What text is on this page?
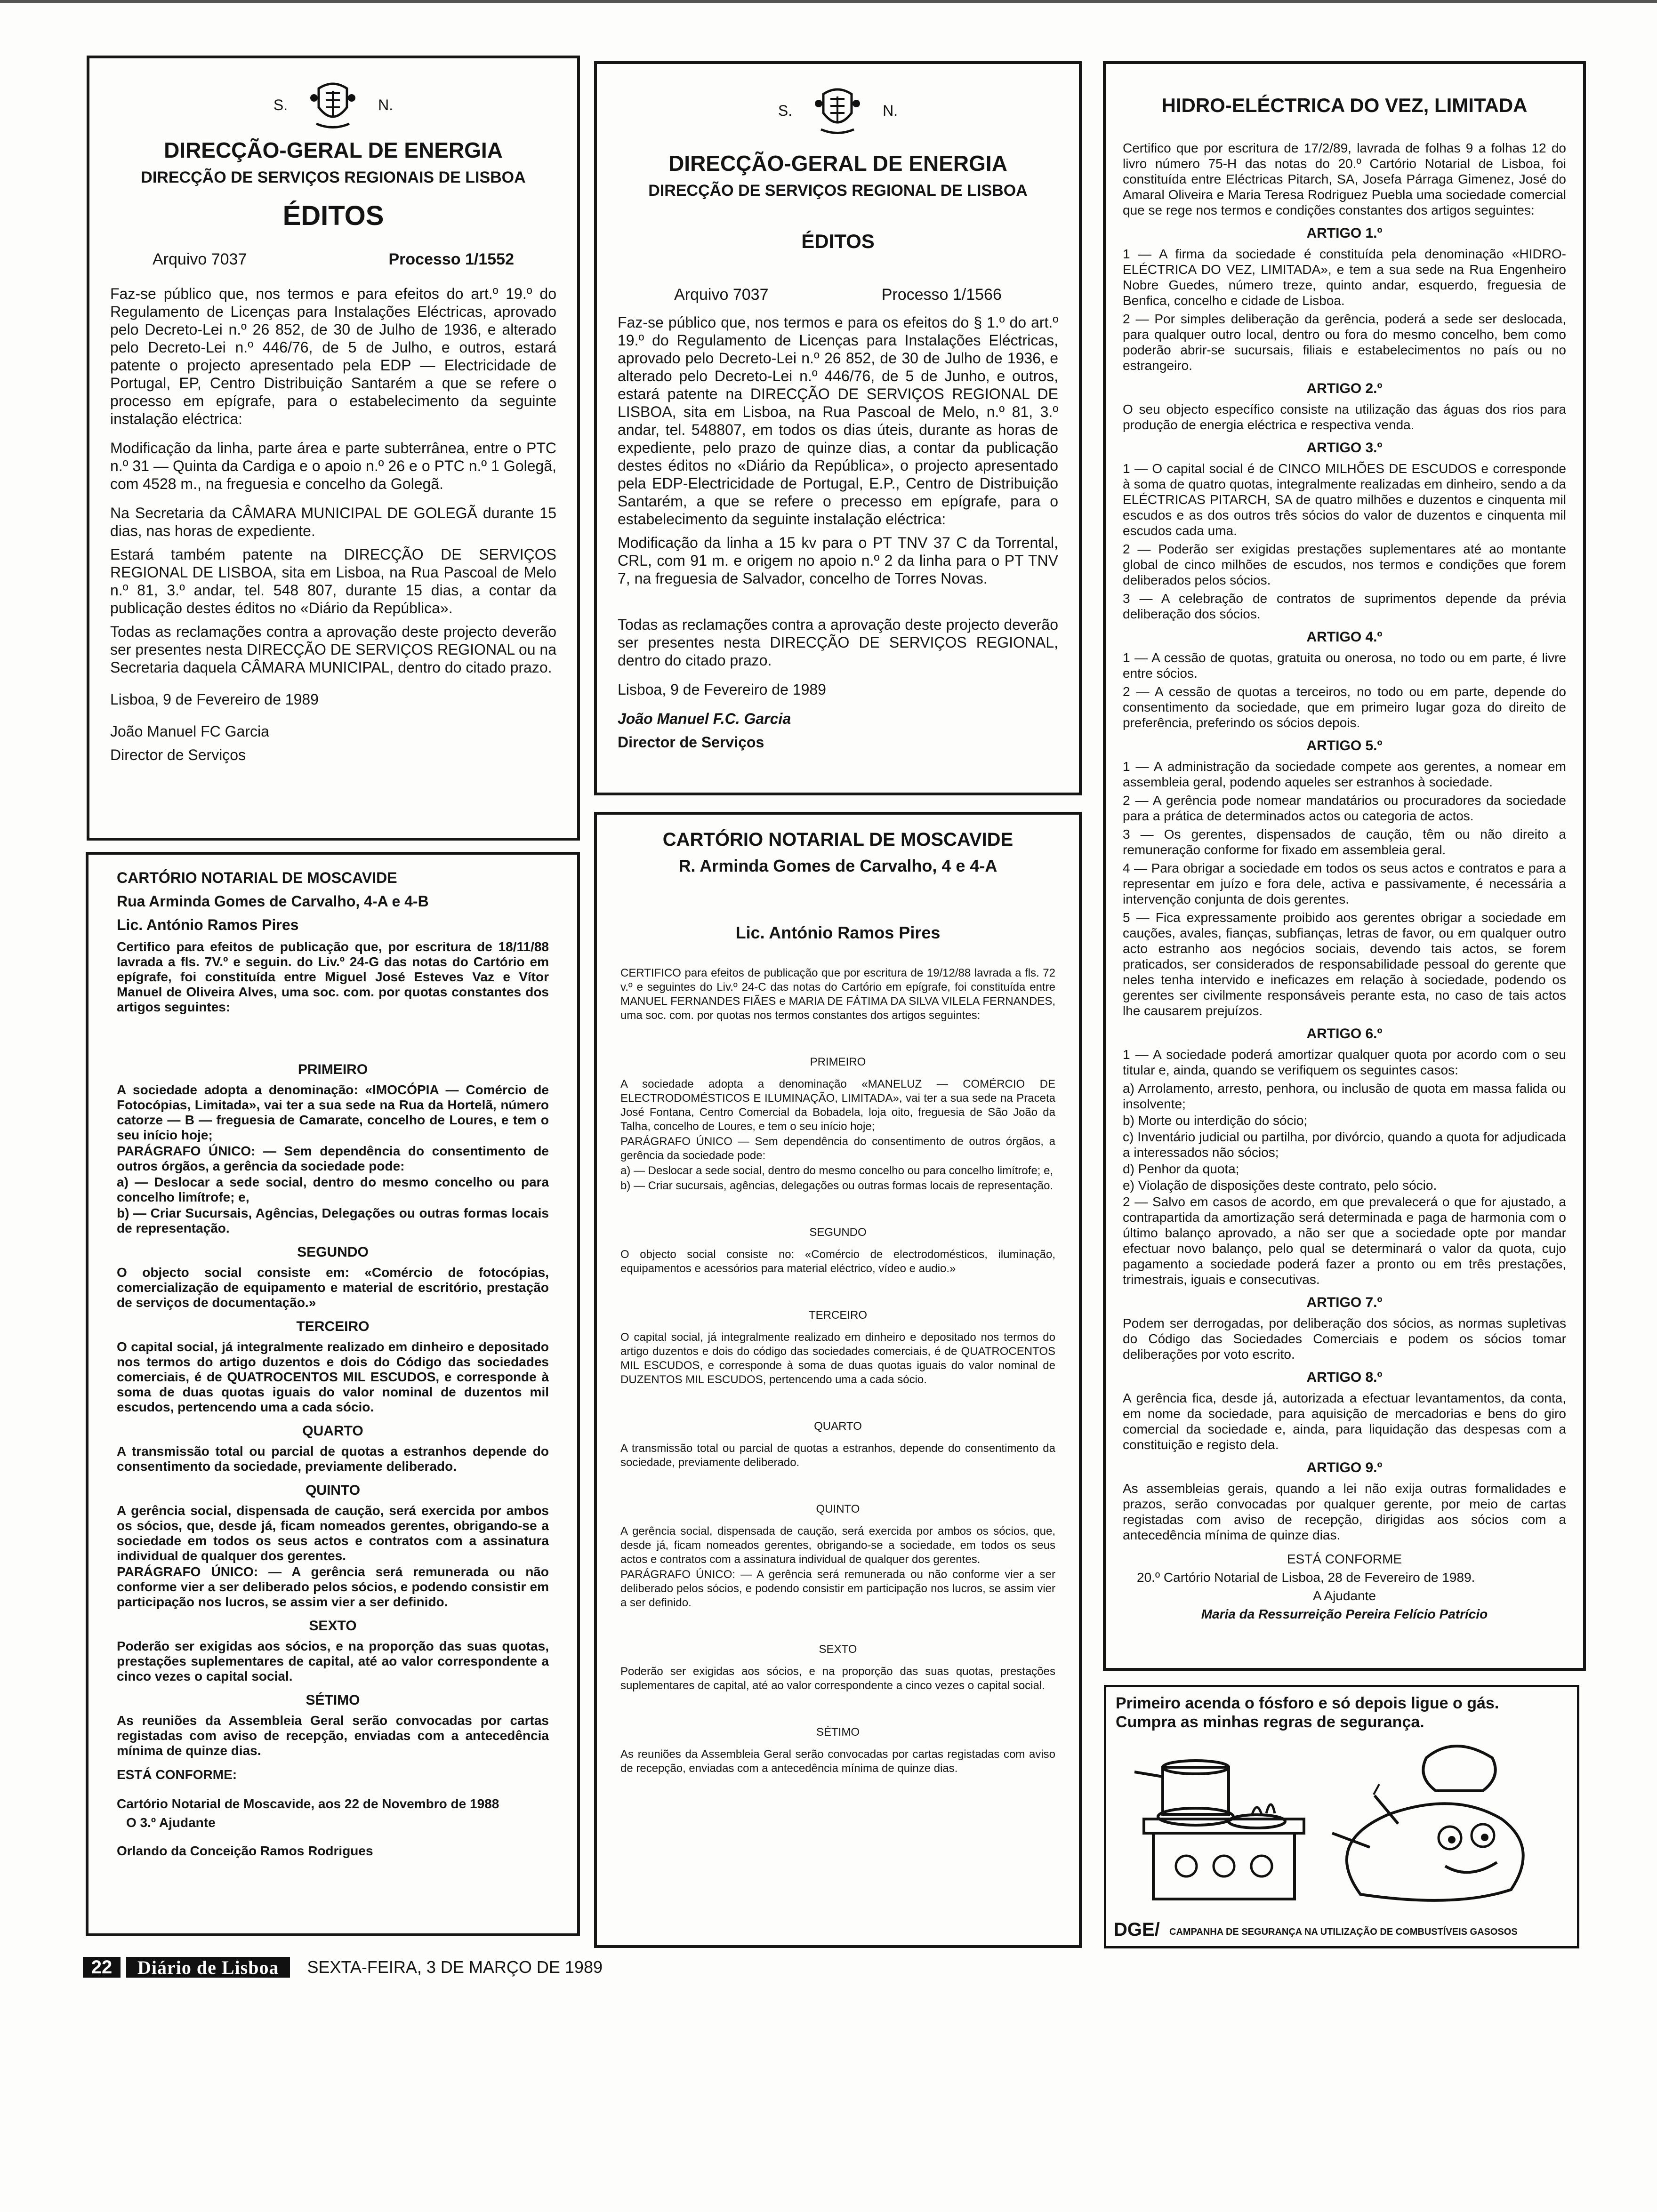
S.	N.
DIRECÇÃO-GERAL DE ENERGIA
DIRECÇÃO DE SERVIÇOS REGIONAIS DE LISBOA
ÉDITOS
Arquivo 7037	Processo 1/1552

Faz-se público que, nos termos e para efeitos do art.º 19.º do Regulamento de Licenças para Instalações Eléctricas, aprovado pelo Decreto-Lei n.º 26 852, de 30 de Julho de 1936, e alterado pelo Decreto-Lei n.º 446/76, de 5 de Julho, e outros, estará patente o projecto apresentado pela EDP — Electricidade de Portugal, EP, Centro Distribuição Santarém a que se refere o processo em epígrafe, para o estabelecimento da seguinte instalação eléctrica:

Modificação da linha, parte área e parte subterrânea, entre o PTC n.º 31 — Quinta da Cardiga e o apoio n.º 26 e o PTC n.º 1 Golegã, com 4528 m., na freguesia e concelho da Golegã.

Na Secretaria da CÂMARA MUNICIPAL DE GOLEGÃ durante 15 dias, nas horas de expediente.

Estará também patente na DIRECÇÃO DE SERVIÇOS REGIONAL DE LISBOA, sita em Lisboa, na Rua Pascoal de Melo n.º 81, 3.º andar, tel. 548 807, durante 15 dias, a contar da publicação destes éditos no «Diário da República».

Todas as reclamações contra a aprovação deste projecto deverão ser presentes nesta DIRECÇÃO DE SERVIÇOS REGIONAL ou na Secretaria daquela CÂMARA MUNICIPAL, dentro do citado prazo.

Lisboa, 9 de Fevereiro de 1989

João Manuel FC Garcia

Director de Serviços

S.	N.
DIRECÇÃO-GERAL DE ENERGIA
DIRECÇÃO DE SERVIÇOS REGIONAL DE LISBOA
ÉDITOS
Arquivo 7037	Processo 1/1566

Faz-se público que, nos termos e para os efeitos do § 1.º do art.º 19.º do Regulamento de Licenças para Instalações Eléctricas, aprovado pelo Decreto-Lei n.º 26 852, de 30 de Julho de 1936, e alterado pelo Decreto-Lei n.º 446/76, de 5 de Junho, e outros, estará patente na DIRECÇÃO DE SERVIÇOS REGIONAL DE LISBOA, sita em Lisboa, na Rua Pascoal de Melo, n.º 81, 3.º andar, tel. 548807, em todos os dias úteis, durante as horas de expediente, pelo prazo de quinze dias, a contar da publicação destes éditos no «Diário da República», o projecto apresentado pela EDP-Electricidade de Portugal, E.P., Centro de Distribuição Santarém, a que se refere o precesso em epígrafe, para o estabelecimento da seguinte instalação eléctrica:

Modificação da linha a 15 kv para o PT TNV 37 C da Torrental, CRL, com 91 m. e origem no apoio n.º 2 da linha para o PT TNV 7, na freguesia de Salvador, concelho de Torres Novas.

Todas as reclamações contra a aprovação deste projecto deverão ser presentes nesta DIRECÇÃO DE SERVIÇOS REGIONAL, dentro do citado prazo.

Lisboa, 9 de Fevereiro de 1989

João Manuel F.C. Garcia

Director de Serviços

HIDRO-ELÉCTRICA DO VEZ, LIMITADA

Certifico que por escritura de 17/2/89, lavrada de folhas 9 a folhas 12 do livro número 75-H das notas do 20.º Cartório Notarial de Lisboa, foi constituída entre Eléctricas Pitarch, SA, Josefa Párraga Gimenez, José do Amaral Oliveira e Maria Teresa Rodriguez Puebla uma sociedade comercial que se rege nos termos e condições constantes dos artigos seguintes:

ARTIGO 1.º

1 — A firma da sociedade é constituída pela denominação «HIDRO-ELÉCTRICA DO VEZ, LIMITADA», e tem a sua sede na Rua Engenheiro Nobre Guedes, número treze, quinto andar, esquerdo, freguesia de Benfica, concelho e cidade de Lisboa.

2 — Por simples deliberação da gerência, poderá a sede ser deslocada, para qualquer outro local, dentro ou fora do mesmo concelho, bem como poderão abrir-se sucursais, filiais e estabelecimentos no país ou no estrangeiro.

ARTIGO 2.º

O seu objecto específico consiste na utilização das águas dos rios para produção de energia eléctrica e respectiva venda.

ARTIGO 3.º

1 — O capital social é de CINCO MILHÕES DE ESCUDOS e corresponde à soma de quatro quotas, integralmente realizadas em dinheiro, sendo a da ELÉCTRICAS PITARCH, SA de quatro milhões e duzentos e cinquenta mil escudos e as dos outros três sócios do valor de duzentos e cinquenta mil escudos cada uma.

2 — Poderão ser exigidas prestações suplementares até ao montante global de cinco milhões de escudos, nos termos e condições que forem deliberados pelos sócios.

3 — A celebração de contratos de suprimentos depende da prévia deliberação dos sócios.

ARTIGO 4.º

1 — A cessão de quotas, gratuita ou onerosa, no todo ou em parte, é livre entre sócios.

2 — A cessão de quotas a terceiros, no todo ou em parte, depende do consentimento da sociedade, que em primeiro lugar goza do direito de preferência, preferindo os sócios depois.

ARTIGO 5.º

1 — A administração da sociedade compete aos gerentes, a nomear em assembleia geral, podendo aqueles ser estranhos à sociedade.

2 — A gerência pode nomear mandatários ou procuradores da sociedade para a prática de determinados actos ou categoria de actos.

3 — Os gerentes, dispensados de caução, têm ou não direito a remuneração conforme for fixado em assembleia geral.

4 — Para obrigar a sociedade em todos os seus actos e contratos e para a representar em juízo e fora dele, activa e passivamente, é necessária a intervenção conjunta de dois gerentes.

5 — Fica expressamente proibido aos gerentes obrigar a sociedade em cauções, avales, fianças, subfianças, letras de favor, ou em qualquer outro acto estranho aos negócios sociais, devendo tais actos, se forem praticados, ser considerados de responsabilidade pessoal do gerente que neles tenha intervido e ineficazes em relação à sociedade, podendo os gerentes ser civilmente responsáveis perante esta, no caso de tais actos lhe causarem prejuízos.

ARTIGO 6.º

1 — A sociedade poderá amortizar qualquer quota por acordo com o seu titular e, ainda, quando se verifiquem os seguintes casos:

a) Arrolamento, arresto, penhora, ou inclusão de quota em massa falida ou insolvente;

b) Morte ou interdição do sócio;

c) Inventário judicial ou partilha, por divórcio, quando a quota for adjudicada a interessados não sócios;

d) Penhor da quota;

e) Violação de disposições deste contrato, pelo sócio.

2 — Salvo em casos de acordo, em que prevalecerá o que for ajustado, a contrapartida da amortização será determinada e paga de harmonia com o último balanço aprovado, a não ser que a sociedade opte por mandar efectuar novo balanço, pelo qual se determinará o valor da quota, cujo pagamento a sociedade poderá fazer a pronto ou em três prestações, trimestrais, iguais e consecutivas.

ARTIGO 7.º

Podem ser derrogadas, por deliberação dos sócios, as normas supletivas do Código das Sociedades Comerciais e podem os sócios tomar deliberações por voto escrito.

ARTIGO 8.º

A gerência fica, desde já, autorizada a efectuar levantamentos, da conta, em nome da sociedade, para aquisição de mercadorias e bens do giro comercial da sociedade e, ainda, para liquidação das despesas com a constituição e registo dela.

ARTIGO 9.º

As assembleias gerais, quando a lei não exija outras formalidades e prazos, serão convocadas por qualquer gerente, por meio de cartas registadas com aviso de recepção, dirigidas aos sócios com a antecedência mínima de quinze dias.

ESTÁ CONFORME

20.º Cartório Notarial de Lisboa, 28 de Fevereiro de 1989.

A Ajudante

Maria da Ressurreição Pereira Felício Patrício

CARTÓRIO NOTARIAL DE MOSCAVIDE

Rua Arminda Gomes de Carvalho, 4-A e 4-B

Lic. António Ramos Pires

Certifico para efeitos de publicação que, por escritura de 18/11/88 lavrada a fls. 7V.º e seguin. do Liv.º 24-G das notas do Cartório em epígrafe, foi constituída entre Miguel José Esteves Vaz e Vítor Manuel de Oliveira Alves, uma soc. com. por quotas constantes dos artigos seguintes:

PRIMEIRO

A sociedade adopta a denominação: «IMOCÓPIA — Comércio de Fotocópias, Limitada», vai ter a sua sede na Rua da Hortelã, número catorze — B — freguesia de Camarate, concelho de Loures, e tem o seu início hoje;

PARÁGRAFO ÚNICO: — Sem dependência do consentimento de outros órgãos, a gerência da sociedade pode:

a) — Deslocar a sede social, dentro do mesmo concelho ou para concelho limítrofe; e,

b) — Criar Sucursais, Agências, Delegações ou outras formas locais de representação.

SEGUNDO

O objecto social consiste em: «Comércio de fotocópias, comercialização de equipamento e material de escritório, prestação de serviços de documentação.»

TERCEIRO

O capital social, já integralmente realizado em dinheiro e depositado nos termos do artigo duzentos e dois do Código das sociedades comerciais, é de QUATROCENTOS MIL ESCUDOS, e corresponde à soma de duas quotas iguais do valor nominal de duzentos mil escudos, pertencendo uma a cada sócio.

QUARTO

A transmissão total ou parcial de quotas a estranhos depende do consentimento da sociedade, previamente deliberado.

QUINTO

A gerência social, dispensada de caução, será exercida por ambos os sócios, que, desde já, ficam nomeados gerentes, obrigando-se a sociedade em todos os seus actos e contratos com a assinatura individual de qualquer dos gerentes.

PARÁGRAFO ÚNICO: — A gerência será remunerada ou não conforme vier a ser deliberado pelos sócios, e podendo consistir em participação nos lucros, se assim vier a ser definido.

SEXTO

Poderão ser exigidas aos sócios, e na proporção das suas quotas, prestações suplementares de capital, até ao valor correspondente a cinco vezes o capital social.

SÉTIMO

As reuniões da Assembleia Geral serão convocadas por cartas registadas com aviso de recepção, enviadas com a antecedência mínima de quinze dias.

ESTÁ CONFORME:

Cartório Notarial de Moscavide, aos 22 de Novembro de 1988

O 3.º Ajudante

Orlando da Conceição Ramos Rodrigues

CARTÓRIO NOTARIAL DE MOSCAVIDE

R. Arminda Gomes de Carvalho, 4 e 4-A

Lic. António Ramos Pires

CERTIFICO para efeitos de publicação que por escritura de 19/12/88 lavrada a fls. 72 v.º e seguintes do Liv.º 24-C das notas do Cartório em epígrafe, foi constituída entre MANUEL FERNANDES FIÃES e MARIA DE FÁTIMA DA SILVA VILELA FERNANDES, uma soc. com. por quotas nos termos constantes dos artigos seguintes:

PRIMEIRO

A sociedade adopta a denominação «MANELUZ — COMÉRCIO DE ELECTRODOMÉSTICOS E ILUMINAÇÃO, LIMITADA», vai ter a sua sede na Praceta José Fontana, Centro Comercial da Bobadela, loja oito, freguesia de São João da Talha, concelho de Loures, e tem o seu início hoje;

PARÁGRAFO ÚNICO — Sem dependência do consentimento de outros órgãos, a gerência da sociedade pode:

a) — Deslocar a sede social, dentro do mesmo concelho ou para concelho limítrofe; e,

b) — Criar sucursais, agências, delegações ou outras formas locais de representação.

SEGUNDO

O objecto social consiste no: «Comércio de electrodomésticos, iluminação, equipamentos e acessórios para material eléctrico, vídeo e audio.»

TERCEIRO

O capital social, já integralmente realizado em dinheiro e depositado nos termos do artigo duzentos e dois do código das sociedades comerciais, é de QUATROCENTOS MIL ESCUDOS, e corresponde à soma de duas quotas iguais do valor nominal de DUZENTOS MIL ESCUDOS, pertencendo uma a cada sócio.

QUARTO

A transmissão total ou parcial de quotas a estranhos, depende do consentimento da sociedade, previamente deliberado.

QUINTO

A gerência social, dispensada de caução, será exercida por ambos os sócios, que, desde já, ficam nomeados gerentes, obrigando-se a sociedade, em todos os seus actos e contratos com a assinatura individual de qualquer dos gerentes.

PARÁGRAFO ÚNICO: — A gerência será remunerada ou não conforme vier a ser deliberado pelos sócios, e podendo consistir em participação nos lucros, se assim vier a ser definido.

SEXTO

Poderão ser exigidas aos sócios, e na proporção das suas quotas, prestações suplementares de capital, até ao valor correspondente a cinco vezes o capital social.

SÉTIMO

As reuniões da Assembleia Geral serão convocadas por cartas registadas com aviso de recepção, enviadas com a antecedência mínima de quinze dias.

Primeiro acenda o fósforo e só depois ligue o gás.

Cumpra as minhas regras de segurança.

DGE/ CAMPANHA DE SEGURANÇA NA UTILIZAÇÃO DE COMBUSTÍVEIS GASOSOS
22	Diário de Lisboa	SEXTA-FEIRA, 3 DE MARÇO DE 1989
